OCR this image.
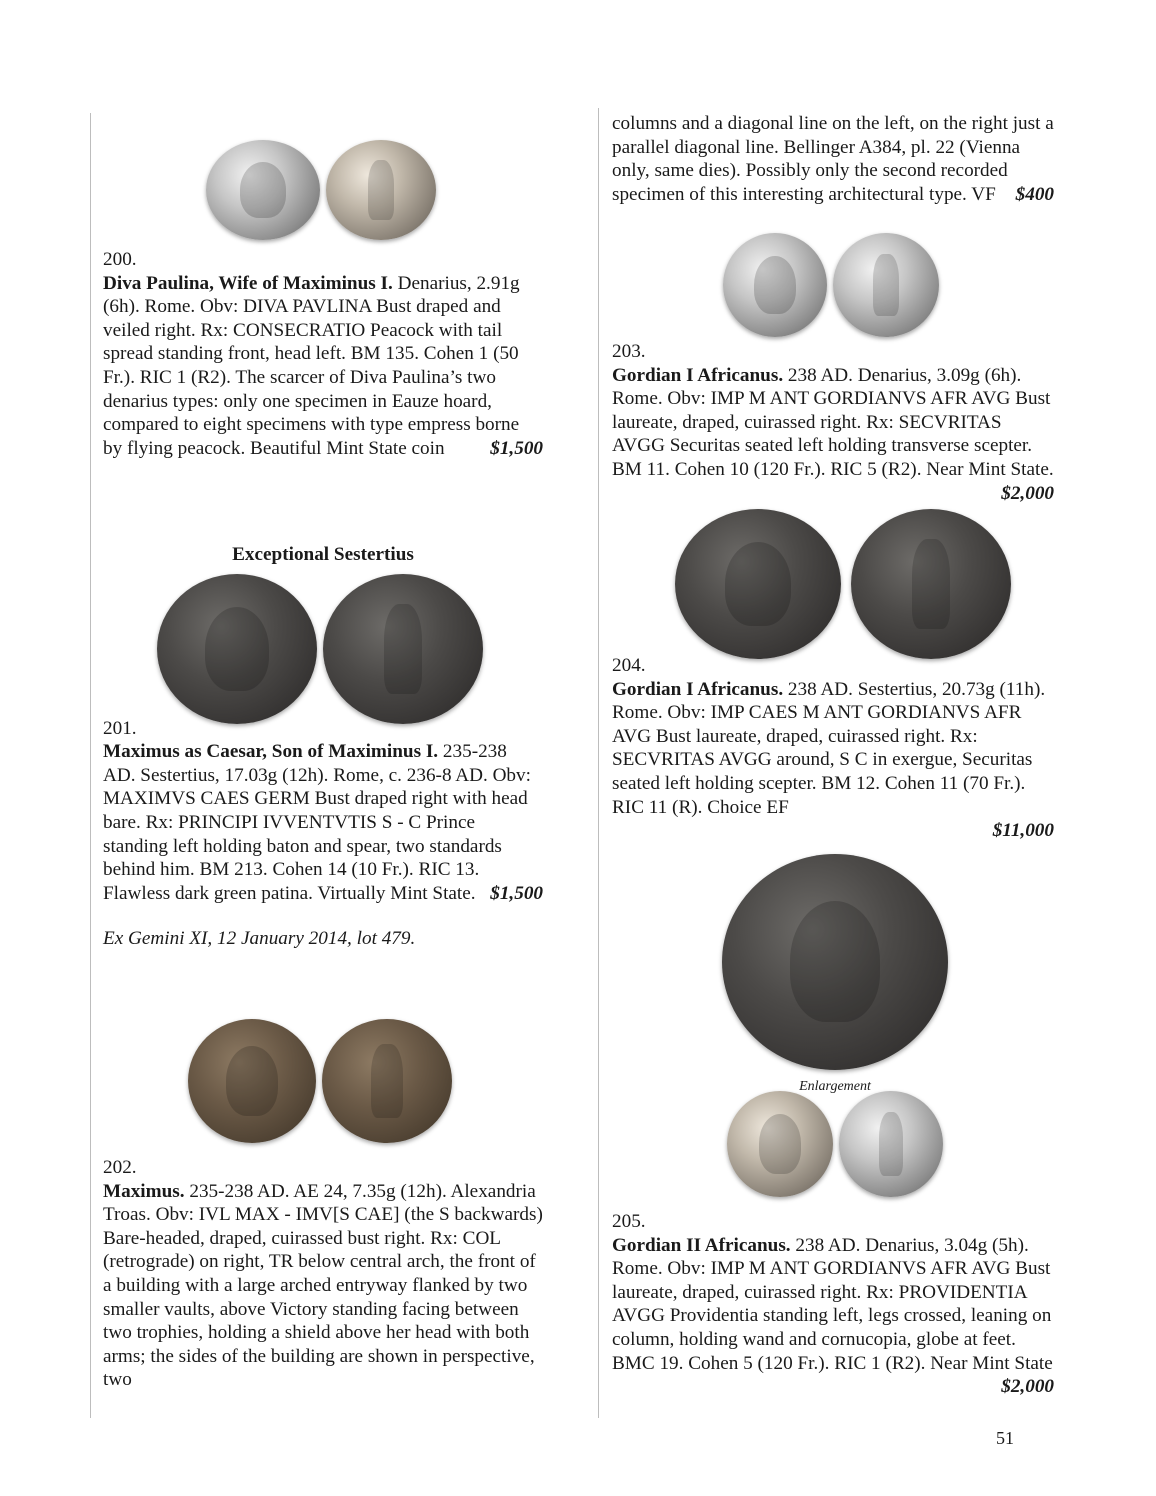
200.

Diva Paulina, Wife of Maximinus I. Denarius, 2.91g (6h). Rome. Obv: DIVA PAVLINA Bust draped and veiled right. Rx: CONSECRATIO Peacock with tail spread standing front, head left. BM 135. Cohen 1 (50 Fr.). RIC 1 (R2). The scarcer of Diva Paulina’s two denarius types: only one specimen in Eauze hoard, compared to eight specimens with type empress borne by flying peacock. Beautiful Mint State coin $1,500

Exceptional Sestertius

201.

Maximus as Caesar, Son of Maximinus I. 235-238 AD. Sestertius, 17.03g (12h). Rome, c. 236-8 AD. Obv: MAXIMVS CAES GERM Bust draped right with head bare. Rx: PRINCIPI IVVENTVTIS S - C Prince standing left holding baton and spear, two standards behind him. BM 213. Cohen 14 (10 Fr.). RIC 13. Flawless dark green patina. Virtually Mint State. $1,500

Ex Gemini XI, 12 January 2014, lot 479.

202.

Maximus. 235-238 AD. AE 24, 7.35g (12h). Alexandria Troas. Obv: IVL MAX - IMV[S CAE] (the S backwards) Bare-headed, draped, cuirassed bust right. Rx: COL (retrograde) on right, TR below central arch, the front of a building with a large arched entryway flanked by two smaller vaults, above Victory standing facing between two trophies, holding a shield above her head with both arms; the sides of the building are shown in perspective, two

columns and a diagonal line on the left, on the right just a parallel diagonal line. Bellinger A384, pl. 22 (Vienna only, same dies). Possibly only the second recorded specimen of this interesting architectural type. VF $400

203.

Gordian I Africanus. 238 AD. Denarius, 3.09g (6h). Rome. Obv: IMP M ANT GORDIANVS AFR AVG Bust laureate, draped, cuirassed right. Rx: SECVRITAS AVGG Securitas seated left holding transverse scepter. BM 11. Cohen 10 (120 Fr.). RIC 5 (R2). Near Mint State.
$2,000

204.

Gordian I Africanus. 238 AD. Sestertius, 20.73g (11h). Rome. Obv: IMP CAES M ANT GORDIANVS AFR AVG Bust laureate, draped, cuirassed right. Rx: SECVRITAS AVGG around, S C in exergue, Securitas seated left holding scepter. BM 12. Cohen 11 (70 Fr.). RIC 11 (R). Choice EF

$11,000

Enlargement

205.

Gordian II Africanus. 238 AD. Denarius, 3.04g (5h). Rome. Obv: IMP M ANT GORDIANVS AFR AVG Bust laureate, draped, cuirassed right. Rx: PROVIDENTIA AVGG Providentia standing left, legs crossed, leaning on column, holding wand and cornucopia, globe at feet. BMC 19. Cohen 5 (120 Fr.). RIC 1 (R2). Near Mint State
$2,000

51
